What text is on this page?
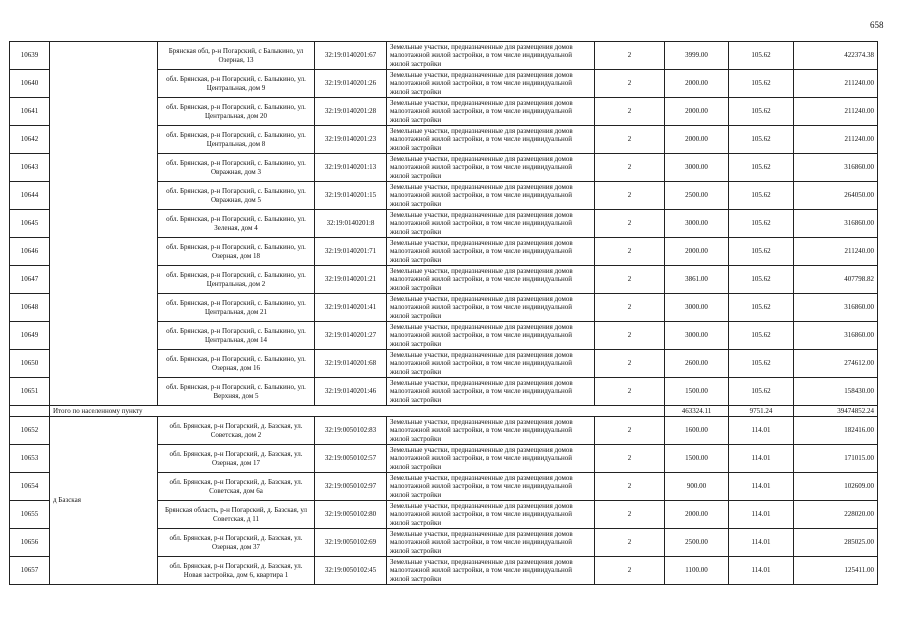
658
10639		Брянская обл, р-н Погарский, с Балыкино, ул Озерная, 13	32:19:0140201:67	Земельные участки, предназначенные для размещения домов малоэтажной жилой застройки, в том числе индивидуальной жилой застройки	2	3999.00	105.62	422374.38
10640		обл. Брянская, р-н Погарский, с. Балыкино, ул. Центральная, дом 9	32:19:0140201:26	Земельные участки, предназначенные для размещения домов малоэтажной жилой застройки, в том числе индивидуальной жилой застройки	2	2000.00	105.62	211240.00
10641		обл. Брянская, р-н Погарский, с. Балыкино, ул. Центральная, дом 20	32:19:0140201:28	Земельные участки, предназначенные для размещения домов малоэтажной жилой застройки, в том числе индивидуальной жилой застройки	2	2000.00	105.62	211240.00
10642		обл. Брянская, р-н Погарский, с. Балыкино, ул. Центральная, дом 8	32:19:0140201:23	Земельные участки, предназначенные для размещения домов малоэтажной жилой застройки, в том числе индивидуальной жилой застройки	2	2000.00	105.62	211240.00
10643		обл. Брянская, р-н Погарский, с. Балыкино, ул. Овражная, дом 3	32:19:0140201:13	Земельные участки, предназначенные для размещения домов малоэтажной жилой застройки, в том числе индивидуальной жилой застройки	2	3000.00	105.62	316860.00
10644		обл. Брянская, р-н Погарский, с. Балыкино, ул. Овражная, дом 5	32:19:0140201:15	Земельные участки, предназначенные для размещения домов малоэтажной жилой застройки, в том числе индивидуальной жилой застройки	2	2500.00	105.62	264050.00
10645		обл. Брянская, р-н Погарский, с. Балыкино, ул. Зеленая, дом 4	32:19:0140201:8	Земельные участки, предназначенные для размещения домов малоэтажной жилой застройки, в том числе индивидуальной жилой застройки	2	3000.00	105.62	316860.00
10646		обл. Брянская, р-н Погарский, с. Балыкино, ул. Озерная, дом 18	32:19:0140201:71	Земельные участки, предназначенные для размещения домов малоэтажной жилой застройки, в том числе индивидуальной жилой застройки	2	2000.00	105.62	211240.00
10647		обл. Брянская, р-н Погарский, с. Балыкино, ул. Центральная, дом 2	32:19:0140201:21	Земельные участки, предназначенные для размещения домов малоэтажной жилой застройки, в том числе индивидуальной жилой застройки	2	3861.00	105.62	407798.82
10648		обл. Брянская, р-н Погарский, с. Балыкино, ул. Центральная, дом 21	32:19:0140201:41	Земельные участки, предназначенные для размещения домов малоэтажной жилой застройки, в том числе индивидуальной жилой застройки	2	3000.00	105.62	316860.00
10649		обл. Брянская, р-н Погарский, с. Балыкино, ул. Центральная, дом 14	32:19:0140201:27	Земельные участки, предназначенные для размещения домов малоэтажной жилой застройки, в том числе индивидуальной жилой застройки	2	3000.00	105.62	316860.00
10650		обл. Брянская, р-н Погарский, с. Балыкино, ул. Озерная, дом 16	32:19:0140201:68	Земельные участки, предназначенные для размещения домов малоэтажной жилой застройки, в том числе индивидуальной жилой застройки	2	2600.00	105.62	274612.00
10651		обл. Брянская, р-н Погарский, с. Балыкино, ул. Верхняя, дом 5	32:19:0140201:46	Земельные участки, предназначенные для размещения домов малоэтажной жилой застройки, в том числе индивидуальной жилой застройки	2	1500.00	105.62	158430.00
	Итого по населенному пункту					463324.11	9751.24	39474852.24
10652	д Базская	обл. Брянская, р-н Погарский, д. Базская, ул. Советская, дом 2	32:19:0050102:83	Земельные участки, предназначенные для размещения домов малоэтажной жилой застройки, в том числе индивидуальной жилой застройки	2	1600.00	114.01	182416.00
10653		обл. Брянская, р-н Погарский, д. Базская, ул. Озерная, дом 17	32:19:0050102:57	Земельные участки, предназначенные для размещения домов малоэтажной жилой застройки, в том числе индивидуальной жилой застройки	2	1500.00	114.01	171015.00
10654		обл. Брянская, р-н Погарский, д. Базская, ул. Советская, дом 6а	32:19:0050102:97	Земельные участки, предназначенные для размещения домов малоэтажной жилой застройки, в том числе индивидуальной жилой застройки	2	900.00	114.01	102609.00
10655		Брянская область, р-н Погарский, д. Базская, ул Советская, д 11	32:19:0050102:80	Земельные участки, предназначенные для размещения домов малоэтажной жилой застройки, в том числе индивидуальной жилой застройки	2	2000.00	114.01	228020.00
10656		обл. Брянская, р-н Погарский, д. Базская, ул. Озерная, дом 37	32:19:0050102:69	Земельные участки, предназначенные для размещения домов малоэтажной жилой застройки, в том числе индивидуальной жилой застройки	2	2500.00	114.01	285025.00
10657		обл. Брянская, р-н Погарский, д. Базская, ул. Новая застройка, дом 6, квартира 1	32:19:0050102:45	Земельные участки, предназначенные для размещения домов малоэтажной жилой застройки, в том числе индивидуальной жилой застройки	2	1100.00	114.01	125411.00
